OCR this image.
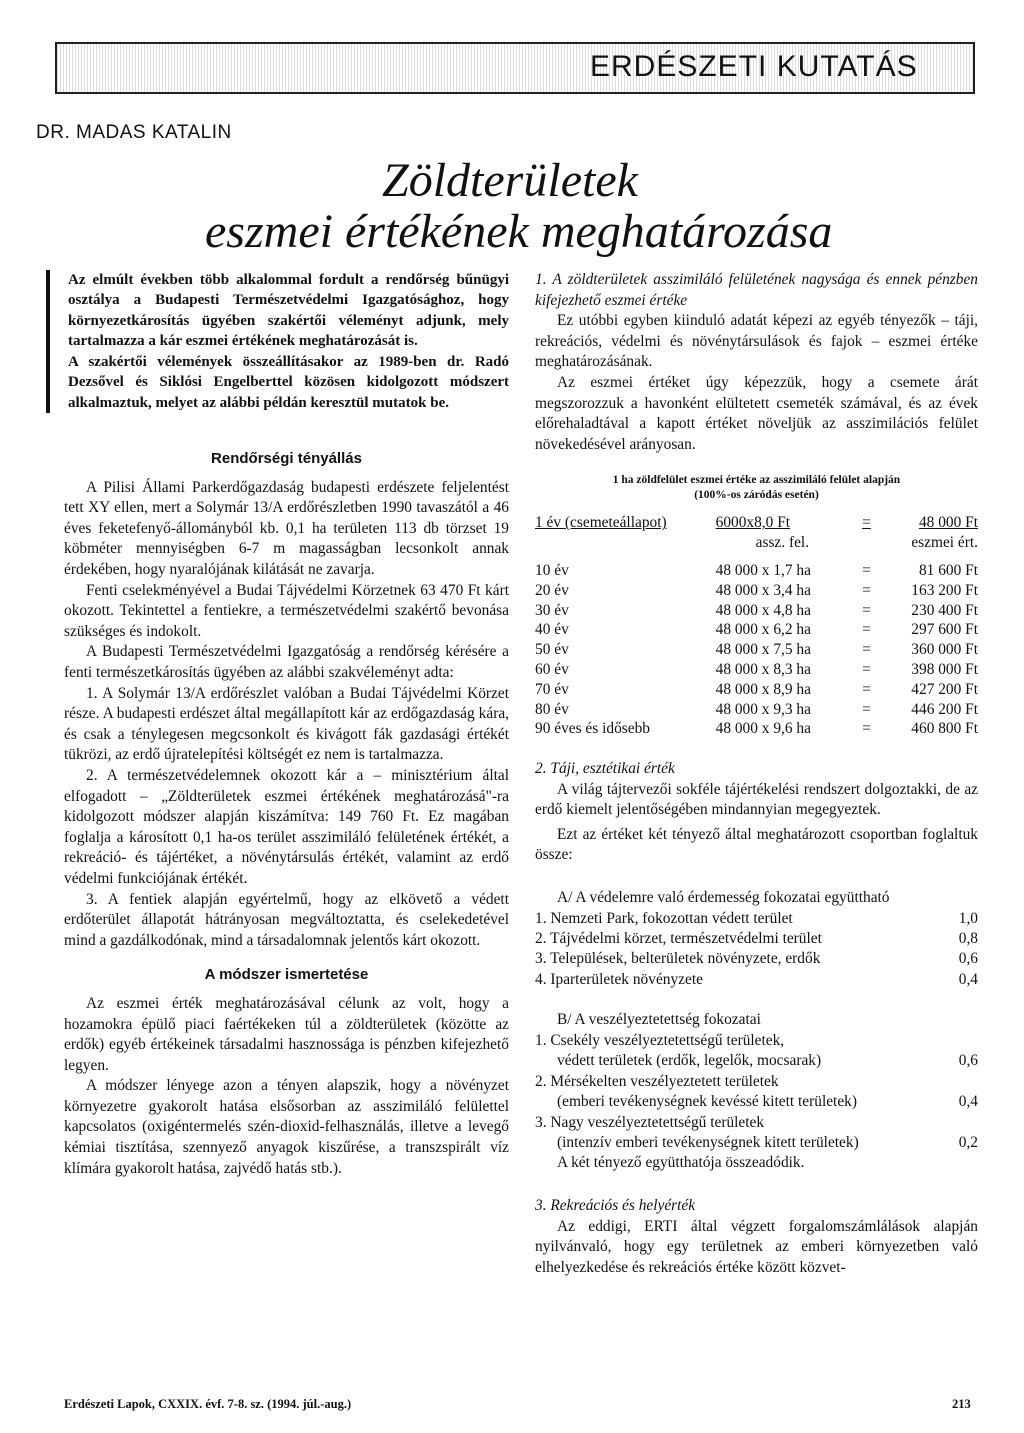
ERDÉSZETI KUTATÁS
DR. MADAS KATALIN
Zöldterületek
eszmei értékének meghatározása

Az elmúlt években több alkalommal fordult a rendőrség bűnügyi osztálya a Budapesti Természetvédelmi Igazgatósághoz, hogy környezetkárosítás ügyében szakértői véleményt adjunk, mely tartalmazza a kár eszmei értékének meghatározását is.

A szakértői vélemények összeállításakor az 1989-ben dr. Radó Dezsővel és Siklósi Engelberttel közösen kidolgozott módszert alkalmaztuk, melyet az alábbi példán keresztül mutatok be.

Rendőrségi tényállás

A Pilisi Állami Parkerdőgazdaság budapesti erdészete feljelentést tett XY ellen, mert a Solymár 13/A erdőrészletben 1990 tavaszától a 46 éves feketefenyő-állományból kb. 0,1 ha területen 113 db törzset 19 köbméter mennyiségben 6-7 m magasságban lecsonkolt annak érdekében, hogy nyaralójának kilátását ne zavarja.

Fenti cselekményével a Budai Tájvédelmi Körzetnek 63 470 Ft kárt okozott. Tekintettel a fentiekre, a természetvédelmi szakértő bevonása szükséges és indokolt.

A Budapesti Természetvédelmi Igazgatóság a rendőrség kérésére a fenti természetkárosítás ügyében az alábbi szakvéleményt adta:

1. A Solymár 13/A erdőrészlet valóban a Budai Tájvédelmi Körzet része. A budapesti erdészet által megállapított kár az erdőgazdaság kára, és csak a ténylegesen megcsonkolt és kivágott fák gazdasági értékét tükrözi, az erdő újratelepítési költségét ez nem is tartalmazza.

2. A természetvédelemnek okozott kár a – minisztérium által elfogadott – „Zöldterületek eszmei értékének meghatározásá"-ra kidolgozott módszer alapján kiszámítva: 149 760 Ft. Ez magában foglalja a károsított 0,1 ha-os terület asszimiláló felületének értékét, a rekreáció- és tájértéket, a növénytársulás értékét, valamint az erdő védelmi funkciójának értékét.

3. A fentiek alapján egyértelmű, hogy az elkövető a védett erdőterület állapotát hátrányosan megváltoztatta, és cselekedetével mind a gazdálkodónak, mind a társadalomnak jelentős kárt okozott.

A módszer ismertetése

Az eszmei érték meghatározásával célunk az volt, hogy a hozamokra épülő piaci faértékeken túl a zöldterületek (közötte az erdők) egyéb értékeinek társadalmi hasznossága is pénzben kifejezhető legyen.

A módszer lényege azon a tényen alapszik, hogy a növényzet környezetre gyakorolt hatása elsősorban az asszimiláló felülettel kapcsolatos (oxigéntermelés szén-dioxid-felhasználás, illetve a levegő kémiai tisztítása, szennyező anyagok kiszűrése, a transzspirált víz klímára gyakorolt hatása, zajvédő hatás stb.).

1. A zöldterületek asszimiláló felületének nagysága és ennek pénzben kifejezhető eszmei értéke

Ez utóbbi egyben kiinduló adatát képezi az egyéb tényezők – táji, rekreációs, védelmi és növénytársulások és fajok – eszmei értéke meghatározásának.

Az eszmei értéket úgy képezzük, hogy a csemete árát megszorozzuk a havonként elültetett csemeték számával, és az évek előrehaladtával a kapott értéket növeljük az asszimilációs felület növekedésével arányosan.

1 ha zöldfelület eszmei értéke az asszimiláló felület alapján
(100%-os záródás esetén)
1 év (csemeteállapot)	6000x8,0 Ft	=	48 000 Ft
	assz. fel.		eszmei ért.

10 év	48 000 x 1,7 ha	=	81 600 Ft
20 év	48 000 x 3,4 ha	=	163 200 Ft
30 év	48 000 x 4,8 ha	=	230 400 Ft
40 év	48 000 x 6,2 ha	=	297 600 Ft
50 év	48 000 x 7,5 ha	=	360 000 Ft
60 év	48 000 x 8,3 ha	=	398 000 Ft
70 év	48 000 x 8,9 ha	=	427 200 Ft
80 év	48 000 x 9,3 ha	=	446 200 Ft
90 éves és idősebb	48 000 x 9,6 ha	=	460 800 Ft

2. Táji, esztétikai érték

A világ tájtervezői sokféle tájértékelési rendszert dolgoztakki, de az erdő kiemelt jelentőségében mindannyian megegyeztek.

Ezt az értéket két tényező által meghatározott csoportban foglaltuk össze:

A/ A védelemre való érdemesség fokozatai együttható

1. Nemzeti Park, fokozottan védett terület	1,0
2. Tájvédelmi körzet, természetvédelmi terület	0,8
3. Települések, belterületek növényzete, erdők	0,6
4. Iparterületek növényzete	0,4

B/ A veszélyeztetettség fokozatai

1. Csekély veszélyeztetettségű területek,
védett területek (erdők, legelők, mocsarak)	0,6
2. Mérsékelten veszélyeztetett területek
(emberi tevékenységnek kevéssé kitett területek)	0,4
3. Nagy veszélyeztetettségű területek
(intenzív emberi tevékenységnek kitett területek)	0,2

A két tényező együtthatója összeadódik.

3. Rekreációs és helyérték

Az eddigi, ERTI által végzett forgalomszámlálások alapján nyilvánvaló, hogy egy területnek az emberi környezetben való elhelyezkedése és rekreációs értéke között közvet-

Erdészeti Lapok, CXXIX. évf. 7-8. sz. (1994. júl.-aug.)	213
